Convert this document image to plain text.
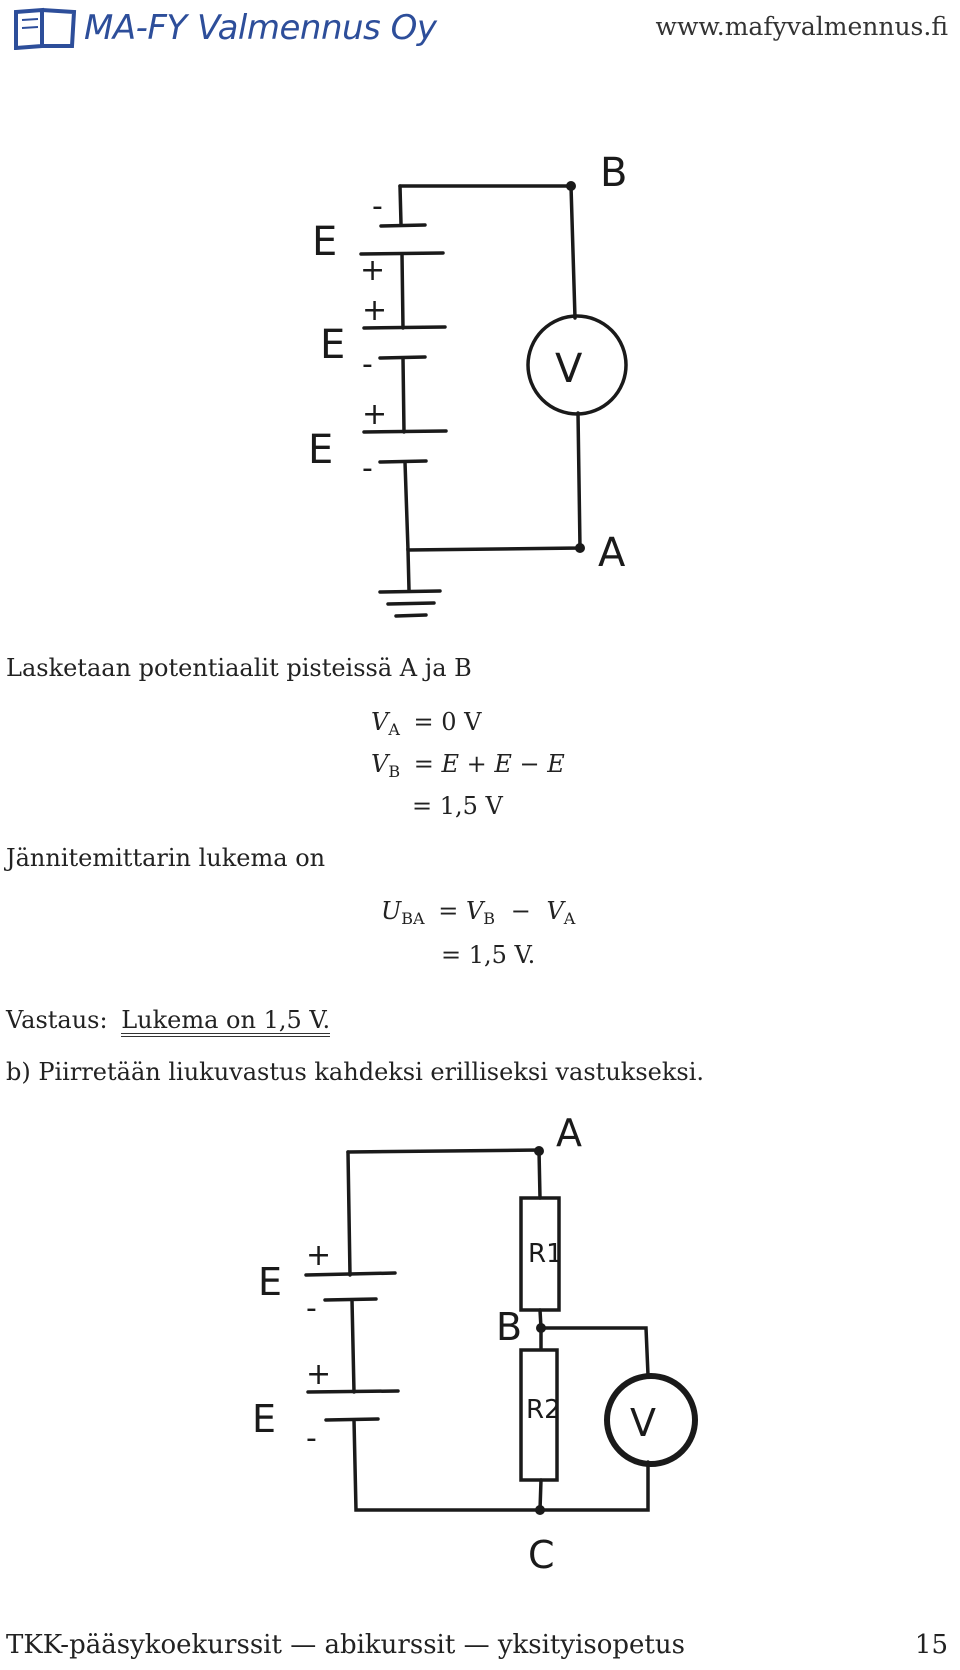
MA-FY Valmennus Oy	www.mafyvalmennus.fi
B
A
V
E
E
E
-
+
+
-
+
-
Lasketaan potentiaalit pisteissä A ja B
$V_A = 0$ V
$V_B = E + E - E$
= 1,5 V
Jännitemittarin lukema on
$U_{BA} = V_B - V_A$
= 1,5 V.
Vastaus: Lukema on 1,5 V.
b) Piirretään liukuvastus kahdeksi erilliseksi vastukseksi.
A
B
C
V
E
E
R1
R2
+
-
+
-
TKK-pääsykoekurssit — abikurssit — yksityisopetus	15
